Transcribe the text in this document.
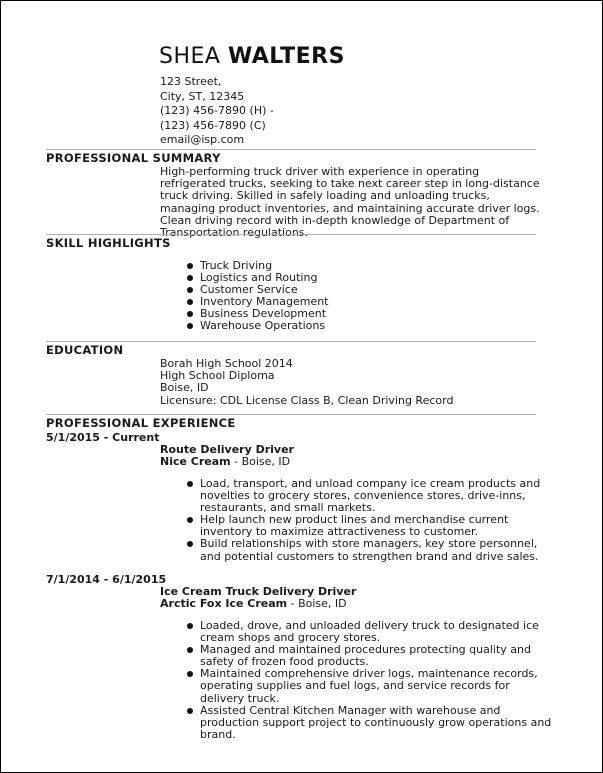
SHEA WALTERS
123 Street,
City, ST, 12345
(123) 456-7890 (H) -
(123) 456-7890 (C)
email@isp.com
PROFESSIONAL SUMMARY
High-performing truck driver with experience in operating refrigerated trucks, seeking to take next career step in long-distance truck driving. Skilled in safely loading and unloading trucks, managing product inventories, and maintaining accurate driver logs. Clean driving record with in-depth knowledge of Department of Transportation regulations.
SKILL HIGHLIGHTS
Truck Driving
Logistics and Routing
Customer Service
Inventory Management
Business Development
Warehouse Operations
EDUCATION
Borah High School 2014
High School Diploma
Boise, ID
Licensure: CDL License Class B, Clean Driving Record
PROFESSIONAL EXPERIENCE
5/1/2015 - Current
Route Delivery Driver
Nice Cream - Boise, ID
Load, transport, and unload company ice cream products and novelties to grocery stores, convenience stores, drive-inns, restaurants, and small markets.
Help launch new product lines and merchandise current inventory to maximize attractiveness to customer.
Build relationships with store managers, key store personnel, and potential customers to strengthen brand and drive sales.
7/1/2014 - 6/1/2015
Ice Cream Truck Delivery Driver
Arctic Fox Ice Cream - Boise, ID
Loaded, drove, and unloaded delivery truck to designated ice cream shops and grocery stores.
Managed and maintained procedures protecting quality and safety of frozen food products.
Maintained comprehensive driver logs, maintenance records, operating supplies and fuel logs, and service records for delivery truck.
Assisted Central Kitchen Manager with warehouse and production support project to continuously grow operations and brand.
